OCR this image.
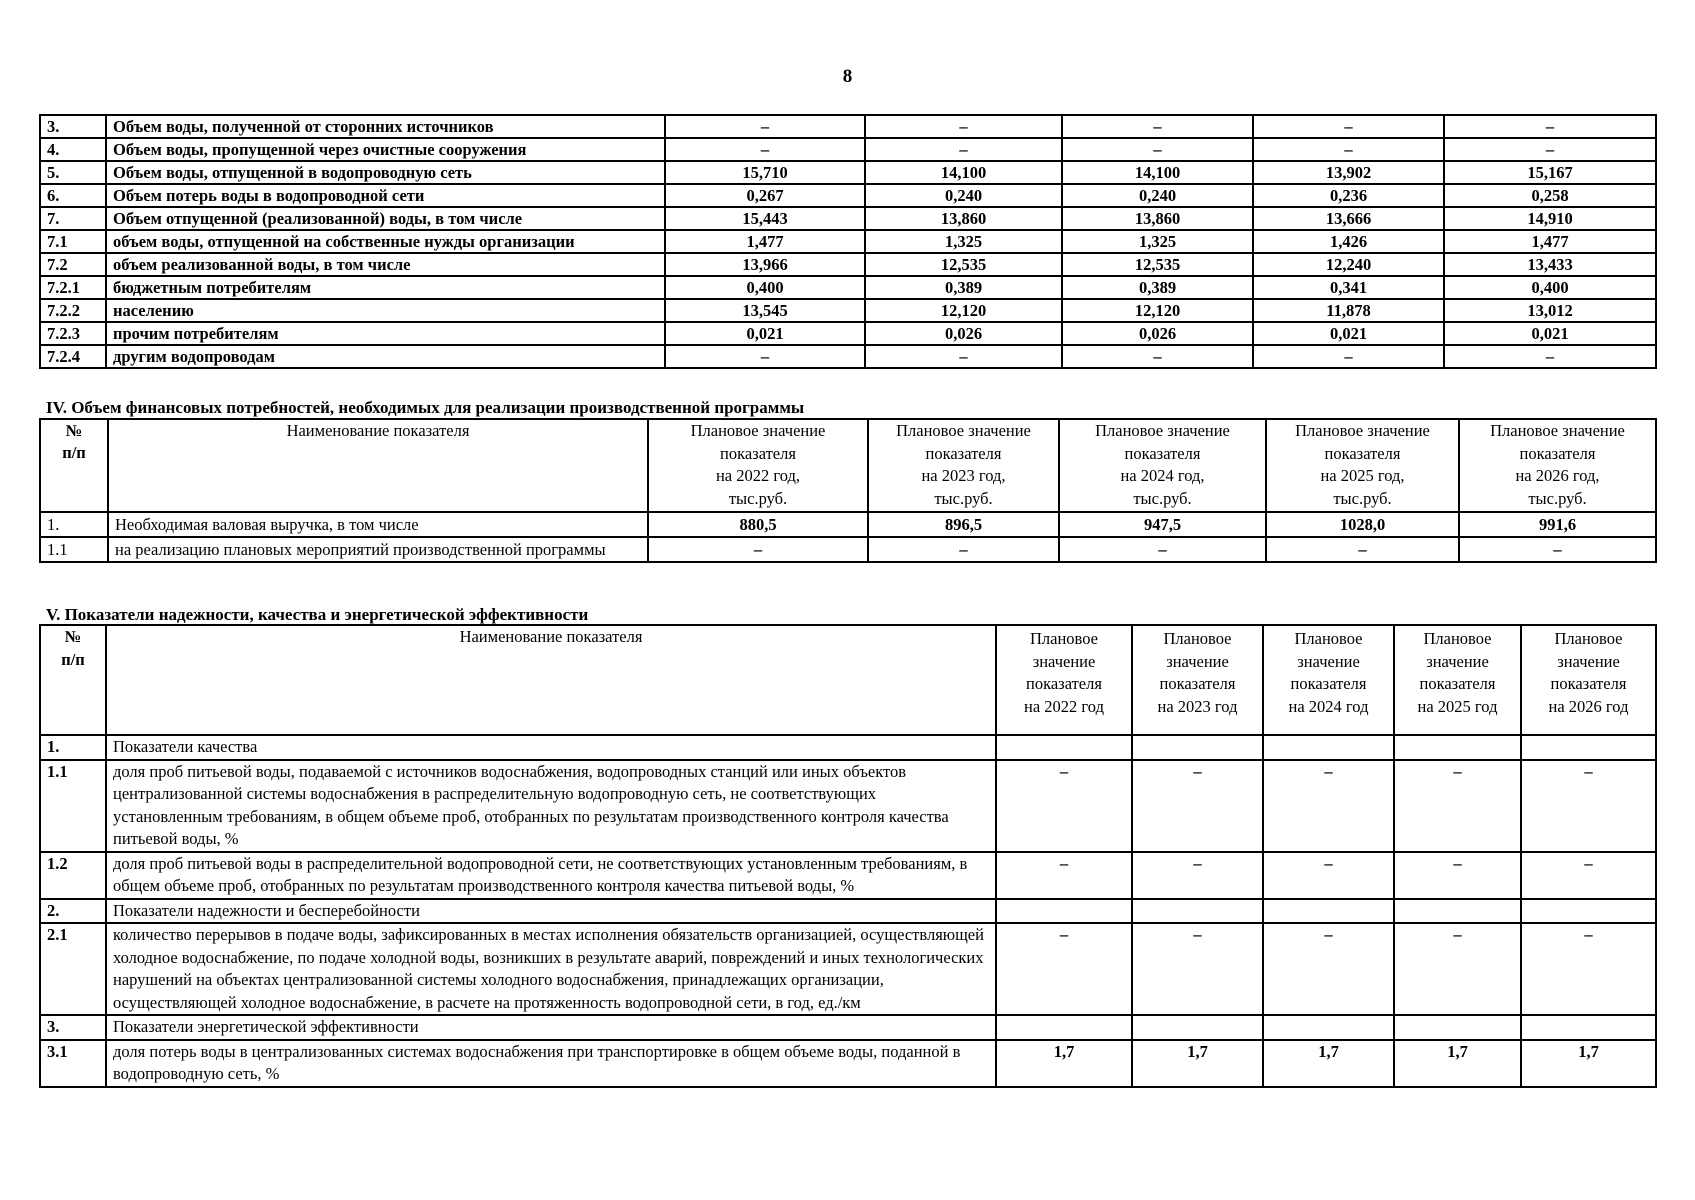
8
3.	Объем воды, полученной от сторонних источников	–	–	–	–	–
4.	Объем воды, пропущенной через очистные сооружения	–	–	–	–	–
5.	Объем воды, отпущенной в водопроводную сеть	15,710	14,100	14,100	13,902	15,167
6.	Объем потерь воды в водопроводной сети	0,267	0,240	0,240	0,236	0,258
7.	Объем отпущенной (реализованной) воды, в том числе	15,443	13,860	13,860	13,666	14,910
7.1	объем воды, отпущенной на собственные нужды организации	1,477	1,325	1,325	1,426	1,477
7.2	объем реализованной воды, в том числе	13,966	12,535	12,535	12,240	13,433
7.2.1	бюджетным потребителям	0,400	0,389	0,389	0,341	0,400
7.2.2	населению	13,545	12,120	12,120	11,878	13,012
7.2.3	прочим потребителям	0,021	0,026	0,026	0,021	0,021
7.2.4	другим водопроводам	–	–	–	–	–
IV. Объем финансовых потребностей, необходимых для реализации производственной программы
№
п/п	Наименование показателя	Плановое значение
показателя
на 2022 год,
тыс.руб.	Плановое значение
показателя
на 2023 год,
тыс.руб.	Плановое значение
показателя
на 2024 год,
тыс.руб.	Плановое значение
показателя
на 2025 год,
тыс.руб.	Плановое значение
показателя
на 2026 год,
тыс.руб.
1.	Необходимая валовая выручка, в том числе	880,5	896,5	947,5	1028,0	991,6
1.1	на реализацию плановых мероприятий производственной программы	–	–	–	–	–
V. Показатели надежности, качества и энергетической эффективности
№
п/п	Наименование показателя	Плановое
значение
показателя
на 2022 год	Плановое
значение
показателя
на 2023 год	Плановое
значение
показателя
на 2024 год	Плановое
значение
показателя
на 2025 год	Плановое
значение
показателя
на 2026 год
1.	Показатели качества					
1.1	доля проб питьевой воды, подаваемой с источников водоснабжения, водопроводных станций или иных объектов централизованной системы водоснабжения в распределительную водопроводную сеть, не соответствующих установленным требованиям, в общем объеме проб, отобранных по результатам производственного контроля качества питьевой воды, %	–	–	–	–	–
1.2	доля проб питьевой воды в распределительной водопроводной сети, не соответствующих установленным требованиям, в общем объеме проб, отобранных по результатам производственного контроля качества питьевой воды, %	–	–	–	–	–
2.	Показатели надежности и бесперебойности					
2.1	количество перерывов в подаче воды, зафиксированных в местах исполнения обязательств организацией, осуществляющей холодное водоснабжение, по подаче холодной воды, возникших в результате аварий, повреждений и иных технологических нарушений на объектах централизованной системы холодного водоснабжения, принадлежащих организации, осуществляющей холодное водоснабжение, в расчете на протяженность водопроводной сети, в год, ед./км	–	–	–	–	–
3.	Показатели энергетической эффективности					
3.1	доля потерь воды в централизованных системах водоснабжения при транспортировке в общем объеме воды, поданной в водопроводную сеть, %	1,7	1,7	1,7	1,7	1,7
